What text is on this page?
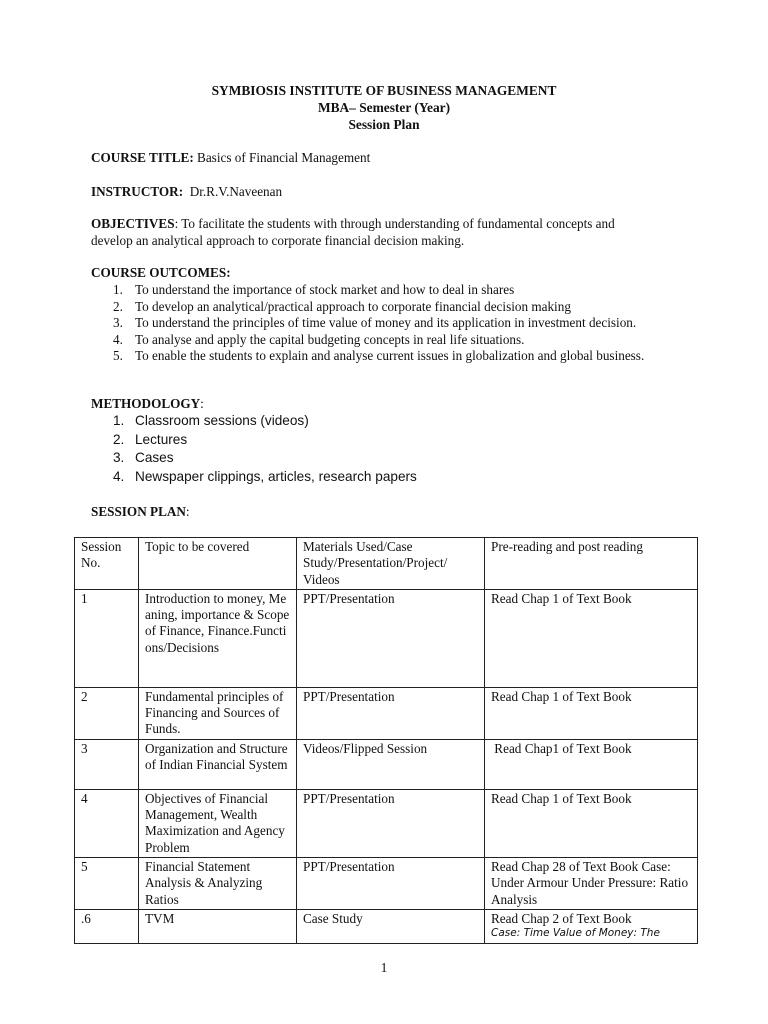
SYMBIOSIS INSTITUTE OF BUSINESS MANAGEMENT
MBA– Semester (Year)
Session Plan
COURSE TITLE: Basics of Financial Management
INSTRUCTOR:  Dr.R.V.Naveenan
OBJECTIVES: To facilitate the students with through understanding of fundamental concepts and develop an analytical approach to corporate financial decision making.
COURSE OUTCOMES:
1. To understand the importance of stock market and how to deal in shares
2. To develop an analytical/practical approach to corporate financial decision making
3. To understand the principles of time value of money and its application in investment decision.
4. To analyse and apply the capital budgeting concepts in real life situations.
5. To enable the students to explain and analyse current issues in globalization and global business.
METHODOLOGY:
1. Classroom sessions (videos)
2. Lectures
3. Cases
4. Newspaper clippings, articles, research papers
SESSION PLAN:
Session No.	Topic to be covered	Materials Used/Case Study/Presentation/Project/ Videos	Pre-reading and post reading
1	Introduction to money, Meaning, importance & Scope of Finance, Finance.Functions/Decisions	PPT/Presentation	Read Chap 1 of Text Book
2	Fundamental principles of Financing and Sources of Funds.	PPT/Presentation	Read Chap 1 of Text Book
3	Organization and Structure of Indian Financial System	Videos/Flipped Session	Read Chap1 of Text Book
4	Objectives of Financial Management, Wealth Maximization and Agency Problem	PPT/Presentation	Read Chap 1 of Text Book
5	Financial Statement Analysis & Analyzing Ratios	PPT/Presentation	Read Chap 28 of Text Book Case: Under Armour Under Pressure: Ratio Analysis
.6	TVM	Case Study	Read Chap 2 of Text Book
Case: Time Value of Money: The
1
